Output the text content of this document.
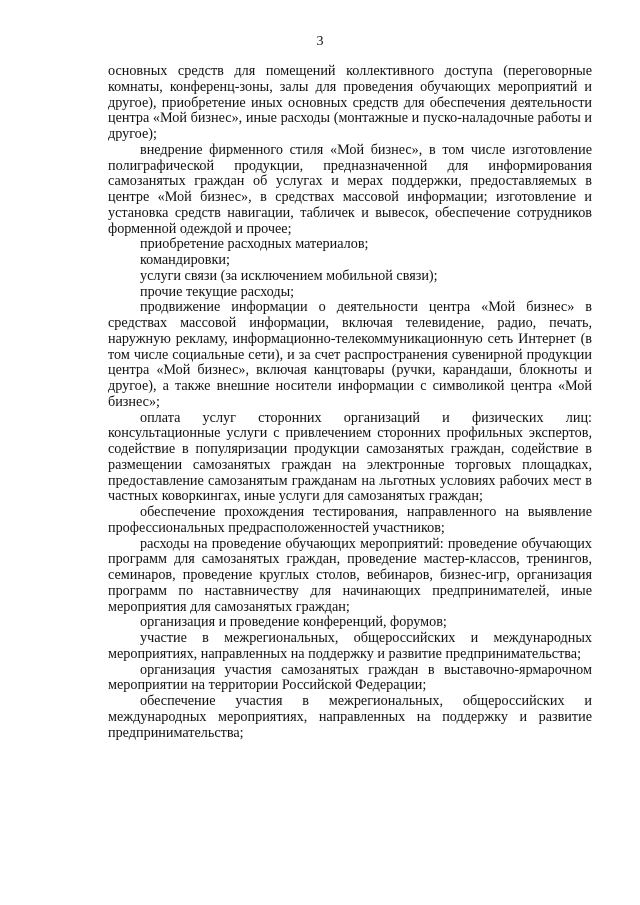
3

основных средств для помещений коллективного доступа (переговорные комнаты, конференц-зоны, залы для проведения обучающих мероприятий и другое), приобретение иных основных средств для обеспечения деятельности центра «Мой бизнес», иные расходы (монтажные и пуско-наладочные работы и другое);

внедрение фирменного стиля «Мой бизнес», в том числе изготовление полиграфической продукции, предназначенной для информирования самозанятых граждан об услугах и мерах поддержки, предоставляемых в центре «Мой бизнес», в средствах массовой информации; изготовление и установка средств навигации, табличек и вывесок, обеспечение сотрудников форменной одеждой и прочее;

приобретение расходных материалов;

командировки;

услуги связи (за исключением мобильной связи);

прочие текущие расходы;

продвижение информации о деятельности центра «Мой бизнес» в средствах массовой информации, включая телевидение, радио, печать, наружную рекламу, информационно-телекоммуникационную сеть Интернет (в том числе социальные сети), и за счет распространения сувенирной продукции центра «Мой бизнес», включая канцтовары (ручки, карандаши, блокноты и другое), а также внешние носители информации с символикой центра «Мой бизнес»;

оплата услуг сторонних организаций и физических лиц: консультационные услуги с привлечением сторонних профильных экспертов, содействие в популяризации продукции самозанятых граждан, содействие в размещении самозанятых граждан на электронные торговых площадках, предоставление самозанятым гражданам на льготных условиях рабочих мест в частных коворкингах, иные услуги для самозанятых граждан;

обеспечение прохождения тестирования, направленного на выявление профессиональных предрасположенностей участников;

расходы на проведение обучающих мероприятий: проведение обучающих программ для самозанятых граждан, проведение мастер-классов, тренингов, семинаров, проведение круглых столов, вебинаров, бизнес-игр, организация программ по наставничеству для начинающих предпринимателей, иные мероприятия для самозанятых граждан;

организация и проведение конференций, форумов;

участие в межрегиональных, общероссийских и международных мероприятиях, направленных на поддержку и развитие предпринимательства;

организация участия самозанятых граждан в выставочно-ярмарочном мероприятии на территории Российской Федерации;

обеспечение участия в межрегиональных, общероссийских и международных мероприятиях, направленных на поддержку и развитие предпринимательства;
